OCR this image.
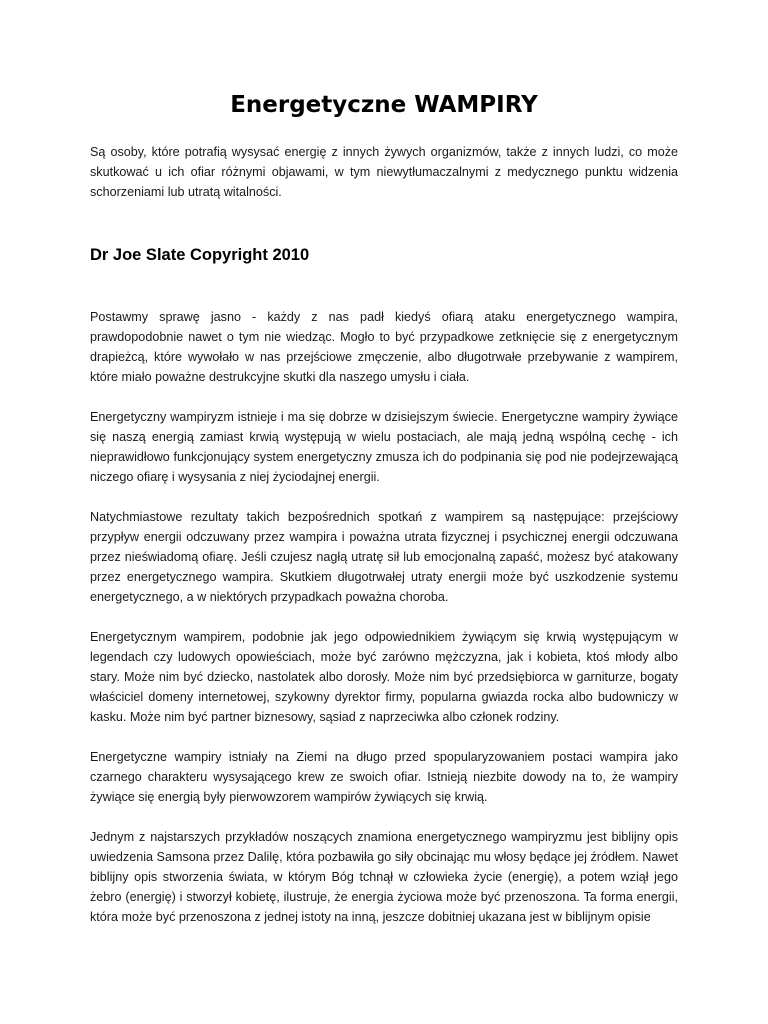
Energetyczne WAMPIRY

Są osoby, które potrafią wysysać energię z innych żywych organizmów, także z innych ludzi, co może skutkować u ich ofiar różnymi objawami, w tym niewytłumaczalnymi z medycznego punktu widzenia schorzeniami lub utratą witalności.

Dr Joe Slate Copyright 2010

Postawmy sprawę jasno - każdy z nas padł kiedyś ofiarą ataku energetycznego wampira, prawdopodobnie nawet o tym nie wiedząc. Mogło to być przypadkowe zetknięcie się z energetycznym drapieżcą, które wywołało w nas przejściowe zmęczenie, albo długotrwałe przebywanie z wampirem, które miało poważne destrukcyjne skutki dla naszego umysłu i ciała.

Energetyczny wampiryzm istnieje i ma się dobrze w dzisiejszym świecie. Energetyczne wampiry żywiące się naszą energią zamiast krwią występują w wielu postaciach, ale mają jedną wspólną cechę - ich nieprawidłowo funkcjonujący system energetyczny zmusza ich do podpinania się pod nie podejrzewającą niczego ofiarę i wysysania z niej życiodajnej energii.

Natychmiastowe rezultaty takich bezpośrednich spotkań z wampirem są następujące: przejściowy przypływ energii odczuwany przez wampira i poważna utrata fizycznej i psychicznej energii odczuwana przez nieświadomą ofiarę. Jeśli czujesz nagłą utratę sił lub emocjonalną zapaść, możesz być atakowany przez energetycznego wampira. Skutkiem długotrwałej utraty energii może być uszkodzenie systemu energetycznego, a w niektórych przypadkach poważna choroba.

Energetycznym wampirem, podobnie jak jego odpowiednikiem żywiącym się krwią występującym w legendach czy ludowych opowieściach, może być zarówno mężczyzna, jak i kobieta, ktoś młody albo stary. Może nim być dziecko, nastolatek albo dorosły. Może nim być przedsiębiorca w garniturze, bogaty właściciel domeny internetowej, szykowny dyrektor firmy, popularna gwiazda rocka albo budowniczy w kasku. Może nim być partner biznesowy, sąsiad z naprzeciwka albo członek rodziny.

Energetyczne wampiry istniały na Ziemi na długo przed spopularyzowaniem postaci wampira jako czarnego charakteru wysysającego krew ze swoich ofiar. Istnieją niezbite dowody na to, że wampiry żywiące się energią były pierwowzorem wampirów żywiących się krwią.

Jednym z najstarszych przykładów noszących znamiona energetycznego wampiryzmu jest biblijny opis uwiedzenia Samsona przez Dalilę, która pozbawiła go siły obcinając mu włosy będące jej źródłem. Nawet biblijny opis stworzenia świata, w którym Bóg tchnął w człowieka życie (energię), a potem wziął jego żebro (energię) i stworzył kobietę, ilustruje, że energia życiowa może być przenoszona. Ta forma energii, która może być przenoszona z jednej istoty na inną, jeszcze dobitniej ukazana jest w biblijnym opisie
